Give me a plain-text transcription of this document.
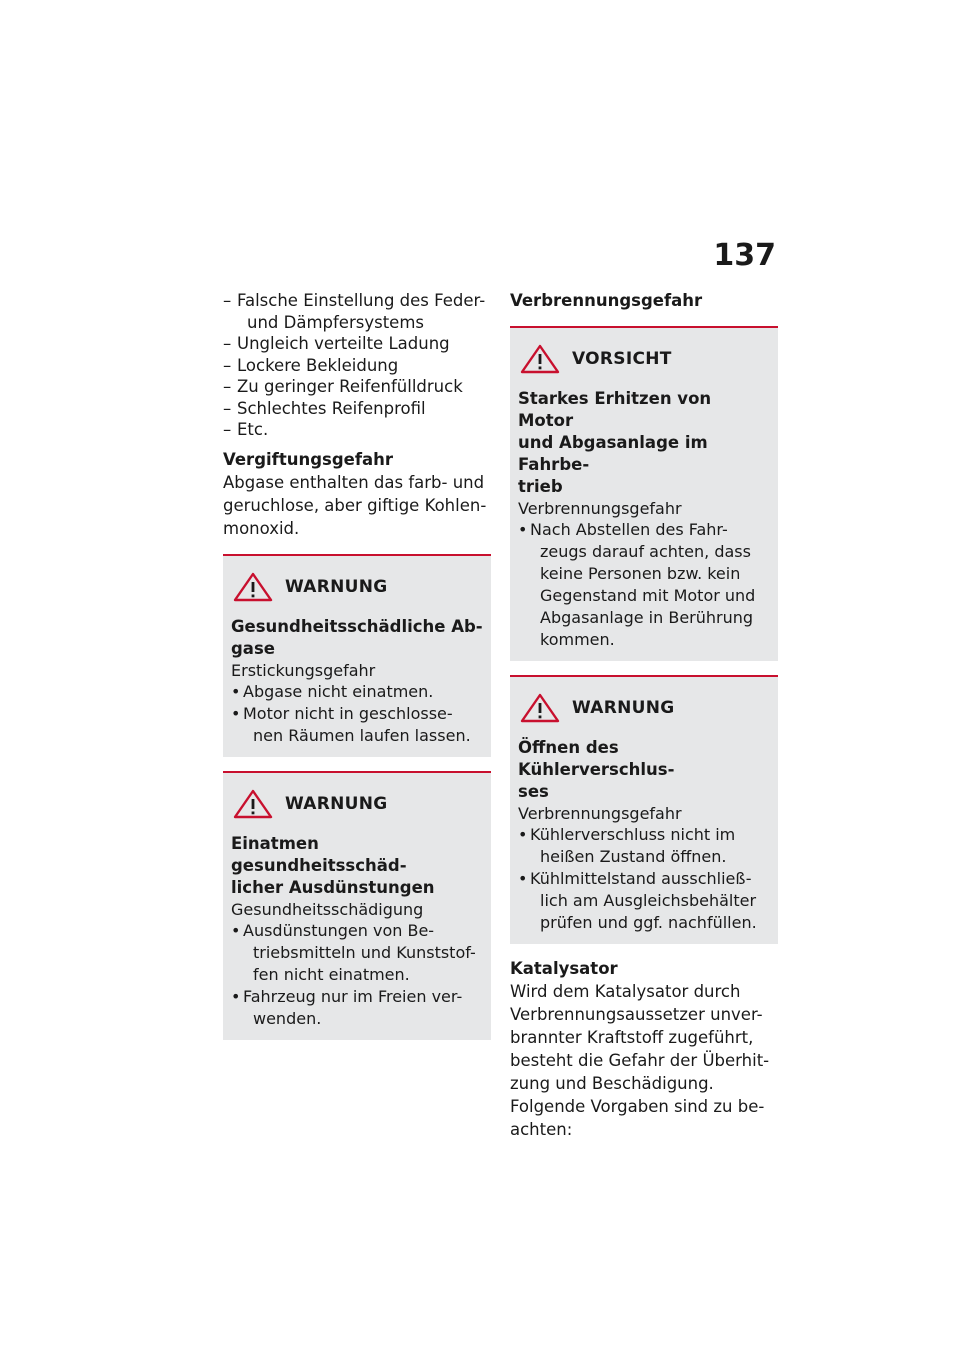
137
– Falsche Einstellung des Feder-
und Dämpfersystems
– Ungleich verteilte Ladung
– Lockere Bekleidung
– Zu geringer Reifenfülldruck
– Schlechtes Reifenprofil
– Etc.

Vergiftungsgefahr

Abgase enthalten das farb- und
geruchlose, aber giftige Kohlen-
monoxid.

WARNUNG

Gesundheitsschädliche Ab-
gase

Erstickungsgefahr

• Abgase nicht einatmen.
• Motor nicht in geschlosse-
nen Räumen laufen lassen.
WARNUNG

Einatmen gesundheitsschäd-
licher Ausdünstungen

Gesundheitsschädigung

• Ausdünstungen von Be-
triebsmitteln und Kunststof-
fen nicht einatmen.
• Fahrzeug nur im Freien ver-
wenden.

Verbrennungsgefahr

VORSICHT

Starkes Erhitzen von Motor
und Abgasanlage im Fahrbe-
trieb

Verbrennungsgefahr

• Nach Abstellen des Fahr-
zeugs darauf achten, dass
keine Personen bzw. kein
Gegenstand mit Motor und
Abgasanlage in Berührung
kommen.
WARNUNG

Öffnen des Kühlerverschlus-
ses

Verbrennungsgefahr

• Kühlerverschluss nicht im
heißen Zustand öffnen.
• Kühlmittelstand ausschließ-
lich am Ausgleichsbehälter
prüfen und ggf. nachfüllen.

Katalysator

Wird dem Katalysator durch
Verbrennungsaussetzer unver-
brannter Kraftstoff zugeführt,
besteht die Gefahr der Überhit-
zung und Beschädigung.
Folgende Vorgaben sind zu be-
achten:
